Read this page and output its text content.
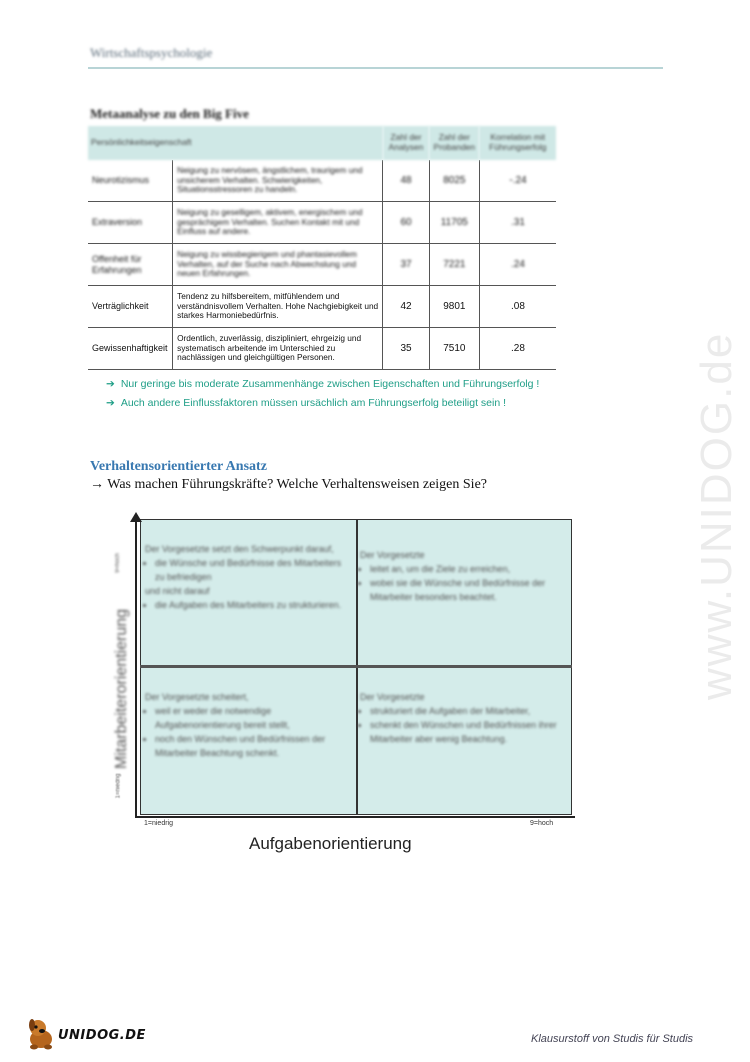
Wirtschaftspsychologie
Metaanalyse zu den Big Five
Persönlichkeitseigenschaft		Zahl der Analysen	Zahl der Probanden	Korrelation mit Führungserfolg
Neurotizismus	Neigung zu nervösem, ängstlichem, traurigem und unsicherem Verhalten. Schwierigkeiten, Situationsstressoren zu handeln.	48	8025	-.24
Extraversion	Neigung zu geselligem, aktivem, energischem und gesprächigem Verhalten. Suchen Kontakt mit und Einfluss auf andere.	60	11705	.31
Offenheit für Erfahrungen	Neigung zu wissbegierigem und phantasievollem Verhalten, auf der Suche nach Abwechslung und neuen Erfahrungen.	37	7221	.24
Verträglichkeit	Tendenz zu hilfsbereitem, mitfühlendem und verständnisvollem Verhalten. Hohe Nachgiebigkeit und starkes Harmoniebedürfnis.	42	9801	.08
Gewissenhaftigkeit	Ordentlich, zuverlässig, diszipliniert, ehrgeizig und systematisch arbeitende im Unterschied zu nachlässigen und gleichgültigen Personen.	35	7510	.28
➔ Nur geringe bis moderate Zusammenhänge zwischen Eigenschaften und Führungserfolg !
➔ Auch andere Einflussfaktoren müssen ursächlich am Führungserfolg beteiligt sein !
Verhaltensorientierter Ansatz
→ Was machen Führungskräfte? Welche Verhaltensweisen zeigen Sie?
Der Vorgesetzte setzt den Schwerpunkt darauf,
• die Wünsche und Bedürfnisse des Mitarbeiters zu befriedigen
und nicht darauf
• die Aufgaben des Mitarbeiters zu strukturieren.
Der Vorgesetzte
• leitet an, um die Ziele zu erreichen,
• wobei sie die Wünsche und Bedürfnisse der Mitarbeiter besonders beachtet.
Der Vorgesetzte scheitert,
• weil er weder die notwendige Aufgabenorientierung bereit stellt,
• noch den Wünschen und Bedürfnissen der Mitarbeiter Beachtung schenkt.
Der Vorgesetzte
• strukturiert die Aufgaben der Mitarbeiter,
• schenkt den Wünschen und Bedürfnissen ihrer Mitarbeiter aber wenig Beachtung.
Mitarbeiterorientierung
9=hoch
1=niedrig
1=niedrig	9=hoch
Aufgabenorientierung
www.UNIDOG.de
UNIDOG.DE	Klausurstoff von Studis für Studis
